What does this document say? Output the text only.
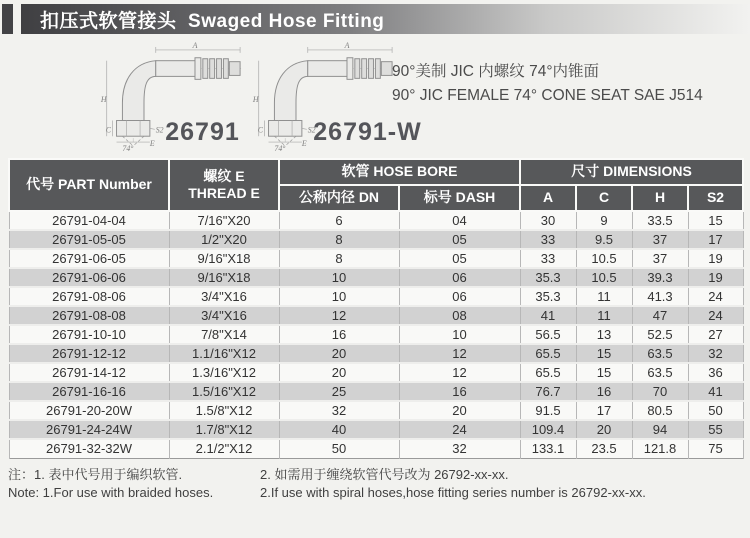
扣压式软管接头  Swaged Hose Fitting
A
H
C
E
S2
74°
A
H
C
E
S2
74°
26791	26791-W
90°美制 JIC 内螺纹 74°内锥面
90° JIC FEMALE 74° CONE SEAT SAE J514
代号 PART Number	螺纹 E
THREAD E	软管 HOSE BORE		尺寸 DIMENSIONS			
		公称内径 DN	标号 DASH	A	C	H	S2
26791-04-04	7/16"X20	6	04	30	9	33.5	15
26791-05-05	1/2"X20	8	05	33	9.5	37	17
26791-06-05	9/16"X18	8	05	33	10.5	37	19
26791-06-06	9/16"X18	10	06	35.3	10.5	39.3	19
26791-08-06	3/4"X16	10	06	35.3	11	41.3	24
26791-08-08	3/4"X16	12	08	41	11	47	24
26791-10-10	7/8"X14	16	10	56.5	13	52.5	27
26791-12-12	1.1/16"X12	20	12	65.5	15	63.5	32
26791-14-12	1.3/16"X12	20	12	65.5	15	63.5	36
26791-16-16	1.5/16"X12	25	16	76.7	16	70	41
26791-20-20W	1.5/8"X12	32	20	91.5	17	80.5	50
26791-24-24W	1.7/8"X12	40	24	109.4	20	94	55
26791-32-32W	2.1/2"X12	50	32	133.1	23.5	121.8	75
注：1. 表中代号用于编织软管.	2. 如需用于缠绕软管代号改为 26792-xx-xx.
Note: 1.For use with braided hoses.	2.If use with spiral hoses,hose fitting series number is 26792-xx-xx.
